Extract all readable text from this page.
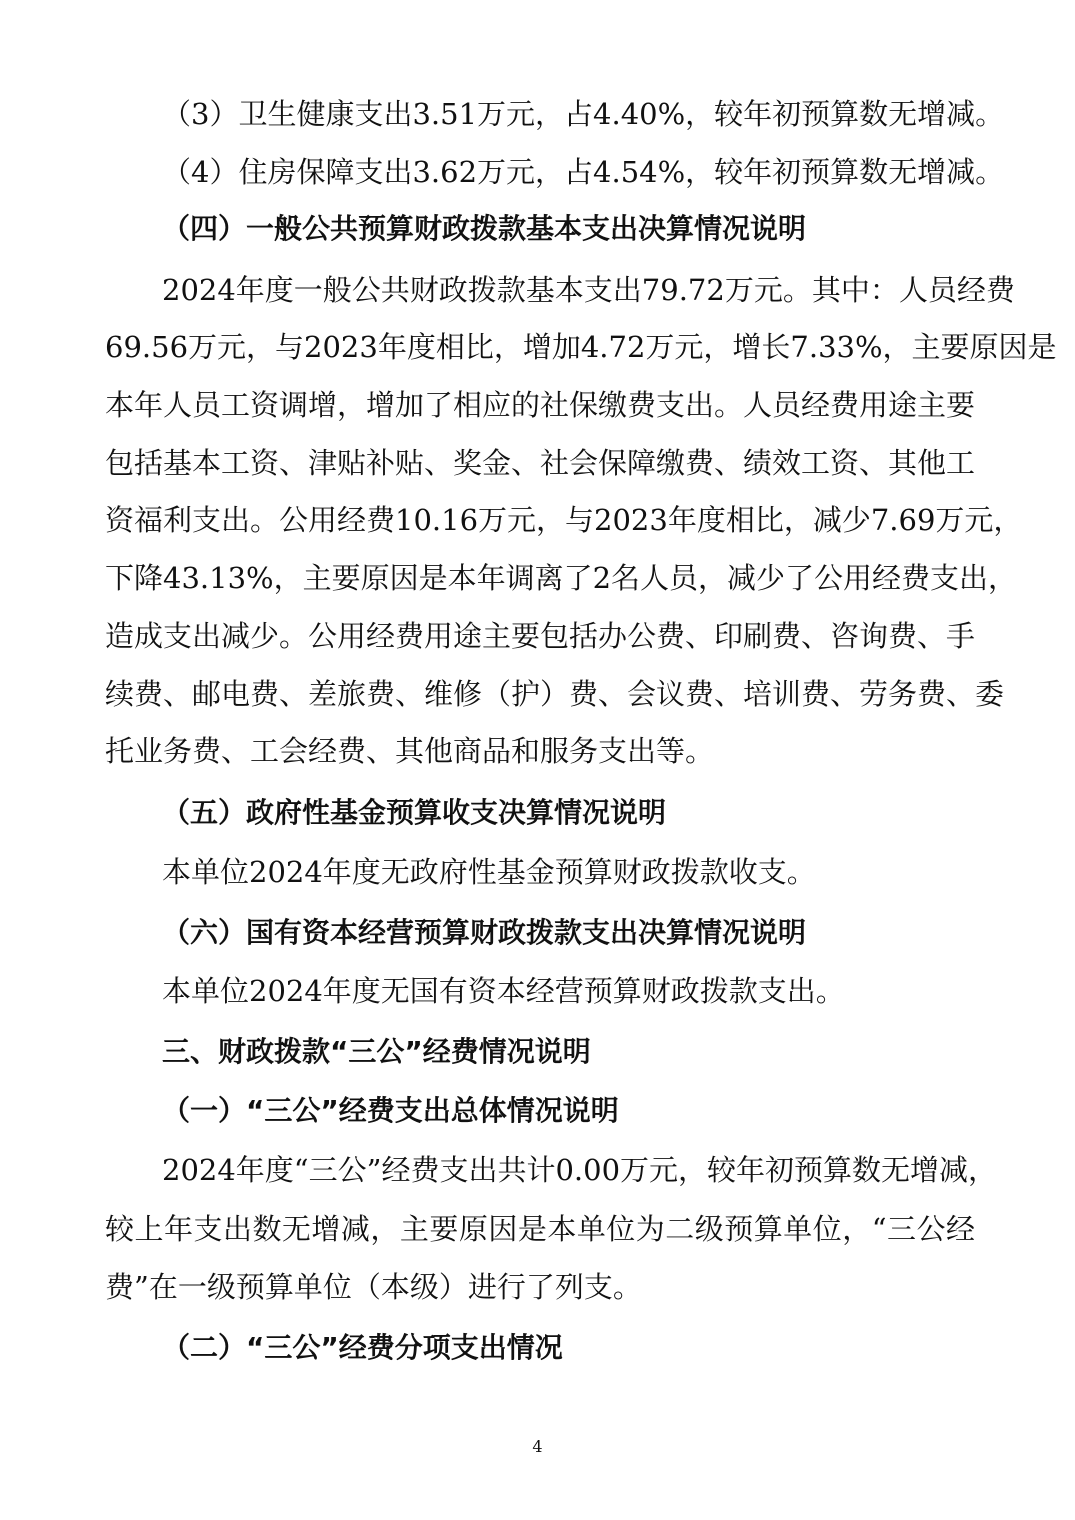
（3）卫生健康支出3.51万元，占4.40%，较年初预算数无增减。
（4）住房保障支出3.62万元，占4.54%，较年初预算数无增减。
（四）一般公共预算财政拨款基本支出决算情况说明
2024年度一般公共财政拨款基本支出79.72万元。其中：人员经费
69.56万元，与2023年度相比，增加4.72万元，增长7.33%，主要原因是
本年人员工资调增，增加了相应的社保缴费支出。人员经费用途主要
包括基本工资、津贴补贴、奖金、社会保障缴费、绩效工资、其他工
资福利支出。公用经费10.16万元，与2023年度相比，减少7.69万元，
下降43.13%，主要原因是本年调离了2名人员，减少了公用经费支出，
造成支出减少。公用经费用途主要包括办公费、印刷费、咨询费、手
续费、邮电费、差旅费、维修（护）费、会议费、培训费、劳务费、委
托业务费、工会经费、其他商品和服务支出等。
（五）政府性基金预算收支决算情况说明
本单位2024年度无政府性基金预算财政拨款收支。
（六）国有资本经营预算财政拨款支出决算情况说明
本单位2024年度无国有资本经营预算财政拨款支出。
三、财政拨款“三公”经费情况说明
（一）“三公”经费支出总体情况说明
2024年度“三公”经费支出共计0.00万元，较年初预算数无增减，
较上年支出数无增减，主要原因是本单位为二级预算单位，“三公经
费”在一级预算单位（本级）进行了列支。
（二）“三公”经费分项支出情况
4
